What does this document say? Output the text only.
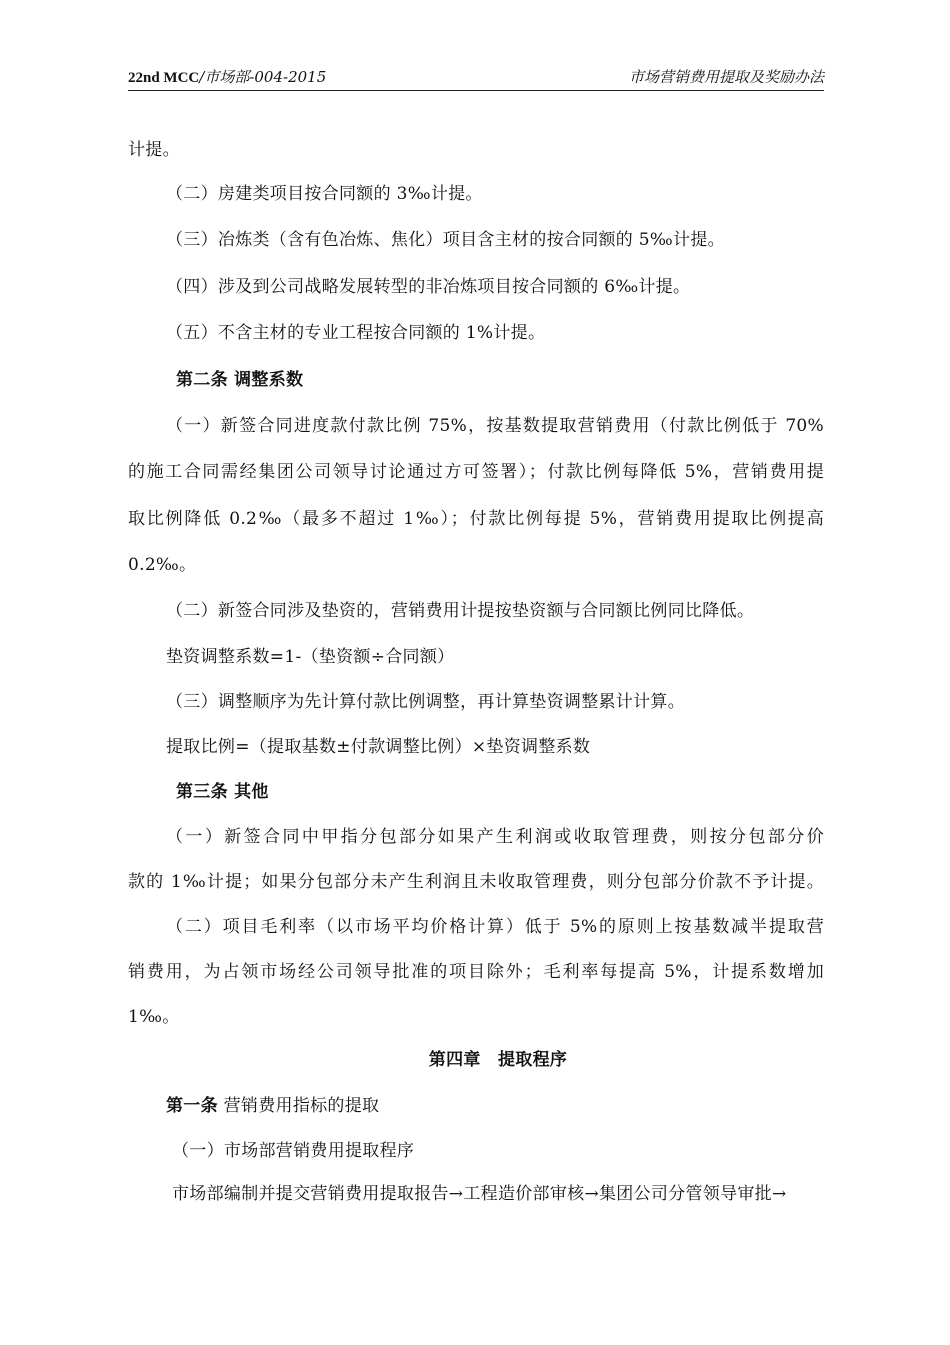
22nd MCC/市场部-004-2015	市场营销费用提取及奖励办法
计提。
（二）房建类项目按合同额的 3‰计提。
（三）冶炼类（含有色冶炼、焦化）项目含主材的按合同额的 5‰计提。
（四）涉及到公司战略发展转型的非冶炼项目按合同额的 6‰计提。
（五）不含主材的专业工程按合同额的 1%计提。
第二条 调整系数
（一）新签合同进度款付款比例 75%，按基数提取营销费用（付款比例低于 70%
的施工合同需经集团公司领导讨论通过方可签署）；付款比例每降低 5%，营销费用提
取比例降低 0.2‰（最多不超过 1‰）；付款比例每提 5%，营销费用提取比例提高
0.2‰。
（二）新签合同涉及垫资的，营销费用计提按垫资额与合同额比例同比降低。
垫资调整系数=1-（垫资额÷合同额）
（三）调整顺序为先计算付款比例调整，再计算垫资调整累计计算。
提取比例=（提取基数±付款调整比例）×垫资调整系数
第三条 其他
（一）新签合同中甲指分包部分如果产生利润或收取管理费，则按分包部分价
款的 1‰计提；如果分包部分未产生利润且未收取管理费，则分包部分价款不予计提。
（二）项目毛利率（以市场平均价格计算）低于 5%的原则上按基数减半提取营
销费用，为占领市场经公司领导批准的项目除外；毛利率每提高 5%，计提系数增加
1‰。
第四章　提取程序
第一条 营销费用指标的提取
（一）市场部营销费用提取程序
市场部编制并提交营销费用提取报告→工程造价部审核→集团公司分管领导审批→
